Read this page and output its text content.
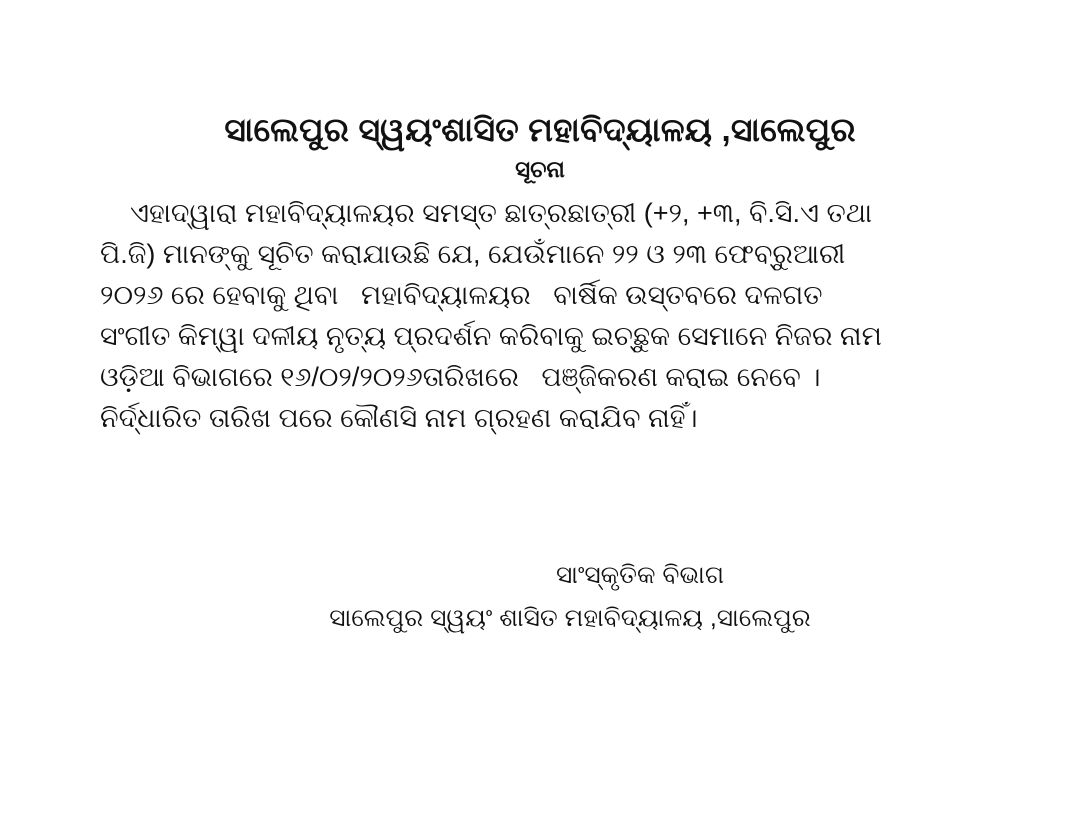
ସାଲେପୁର ସ୍ୱୟଂଶାସିତ ମହାବିଦ୍ୟାଳୟ ,ସାଲେପୁର
ସୂଚନା

ଏହାଦ୍ୱାରା ମହାବିଦ୍ୟାଳୟର ସମସ୍ତ ଛାତ୍ରଛାତ୍ରୀ (+୨, +୩, ବି.ସି.ଏ ତଥା

ପି.ଜି) ମାନଙ୍କୁ ସୂଚିତ କରାଯାଉଛି ଯେ, ଯେଉଁମାନେ ୨୨ ଓ ୨୩ ଫେବ୍ରୁଆରୀ

୨୦୨୬ ରେ ହେବାକୁ ଥିବା   ମହାବିଦ୍ୟାଳୟର   ବାର୍ଷିକ ଉସ୍ତବରେ ଦଳଗତ

ସଂଗୀତ କିମ୍ୱା ଦଳୀୟ ନୃତ୍ୟ ପ୍ରଦର୍ଶନ କରିବାକୁ ଇଚ୍ଛୁକ ସେମାନେ ନିଜର ନାମ

ଓଡ଼ିଆ ବିଭାଗରେ ୧୬/୦୨/୨୦୨୬ତାରିଖରେ   ପଞ୍ଜିକରଣ କରାଇ ନେବେ ।

ନିର୍ଦ୍ଧାରିତ ତାରିଖ ପରେ କୌଣସି ନାମ ଗ୍ରହଣ କରାଯିବ ନାହିଁ।

ସାଂସ୍କୃତିକ ବିଭାଗ

ସାଲେପୁର ସ୍ୱୟଂ ଶାସିତ ମହାବିଦ୍ୟାଳୟ ,ସାଲେପୁର
